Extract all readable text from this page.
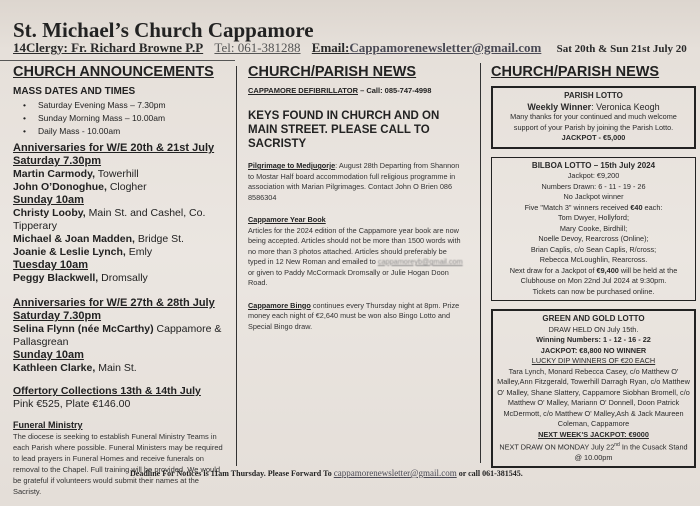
St. Michael’s Church Cappamore
14Clergy: Fr. Richard Browne P.P Tel: 061-381288 Email:Cappamorenewsletter@gmail.com Sat 20th & Sun 21st July 20
CHURCH ANNOUNCEMENTS
MASS DATES AND TIMES
• Saturday Evening Mass – 7.30pm
• Sunday Morning Mass – 10.00am
• Daily Mass - 10.00am
Anniversaries for W/E 20th & 21st July
Saturday 7.30pm
Martin Carmody, Towerhill
John O’Donoghue, Clogher
Sunday 10am
Christy Looby, Main St. and Cashel, Co. Tipperary
Michael & Joan Madden, Bridge St.
Joanie & Leslie Lynch, Emly
Tuesday 10am
Peggy Blackwell, Dromsally
Anniversaries for W/E 27th & 28th July
Saturday 7.30pm
Selina Flynn (née McCarthy) Cappamore & Pallasgrean
Sunday 10am
Kathleen Clarke, Main St.
Offertory Collections 13th & 14th July
Pink €525, Plate €146.00
Funeral Ministry
The diocese is seeking to establish Funeral Ministry Teams in each Parish where possible. Funeral Ministers may be required to lead prayers in Funeral Homes and receive funerals on removal to the Chapel. Full training will be provided. We would be grateful if volunteers would submit their names at the Sacristy.
CHURCH/PARISH NEWS
CAPPAMORE DEFIBRILLATOR – Call: 085-747-4998
KEYS FOUND IN CHURCH AND ON MAIN STREET. PLEASE CALL TO SACRISTY
Pilgrimage to Medjugorje: August 28th Departing from Shannon to Mostar Half board accommodation full religious programme in association with Marian Pilgrimages. Contact John O Brien 086 8586304
Cappamore Year Book
Articles for the 2024 edition of the Cappamore year book are now being accepted. Articles should not be more than 1500 words with no more than 3 photos attached. Articles should preferably be typed in 12 New Roman and emailed to cappamoreyb@gmail.com or given to Paddy McCormack Dromsally or Julie Hogan Doon Road.
Cappamore Bingo continues every Thursday night at 8pm. Prize money each night of €2,640 must be won also Bingo Lotto and Special Bingo draw.
CHURCH/PARISH NEWS
PARISH LOTTO
Weekly Winner: Veronica Keogh
Many thanks for your continued and much welcome support of your Parish by joining the Parish Lotto.
JACKPOT - €5,000
BILBOA LOTTO – 15th July 2024
Jackpot: €9,200
Numbers Drawn: 6 - 11 - 19 - 26
No Jackpot winner
Five "Match 3" winners received €40 each:
Tom Dwyer, Hollyford;
Mary Cooke, Birdhill;
Noelle Devoy, Rearcross (Online);
Brian Caplis, c/o Sean Caplis, R/cross;
Rebecca McLoughlin, Rearcross.
Next draw for a Jackpot of €9,400 will be held at the Clubhouse on Mon 22nd Jul 2024 at 9:30pm.
Tickets can now be purchased online.
GREEN AND GOLD LOTTO
DRAW HELD ON July 15th.
Winning Numbers: 1 - 12 - 16 - 22
JACKPOT: €8,800 NO WINNER
LUCKY DIP WINNERS OF €20 EACH
Tara Lynch, Monard Rebecca Casey, c/o Matthew O' Malley,Ann Fitzgerald, Towerhill Darragh Ryan, c/o Matthew O' Malley, Shane Slattery, Cappamore Siobhan Bromell, c/o Matthew O' Malley, Mariann O' Donnell, Doon Patrick McDermott, c/o Matthew O' Malley,Ash & Jack Maureen Coleman, Cappamore
NEXT WEEK'S JACKPOT: €9000
NEXT DRAW ON MONDAY July 22nd In the Cusack Stand @ 10.00pm
Deadline For Notices is 11am Thursday. Please Forward To cappamorenewsletter@gmail.com or call 061-381545.
